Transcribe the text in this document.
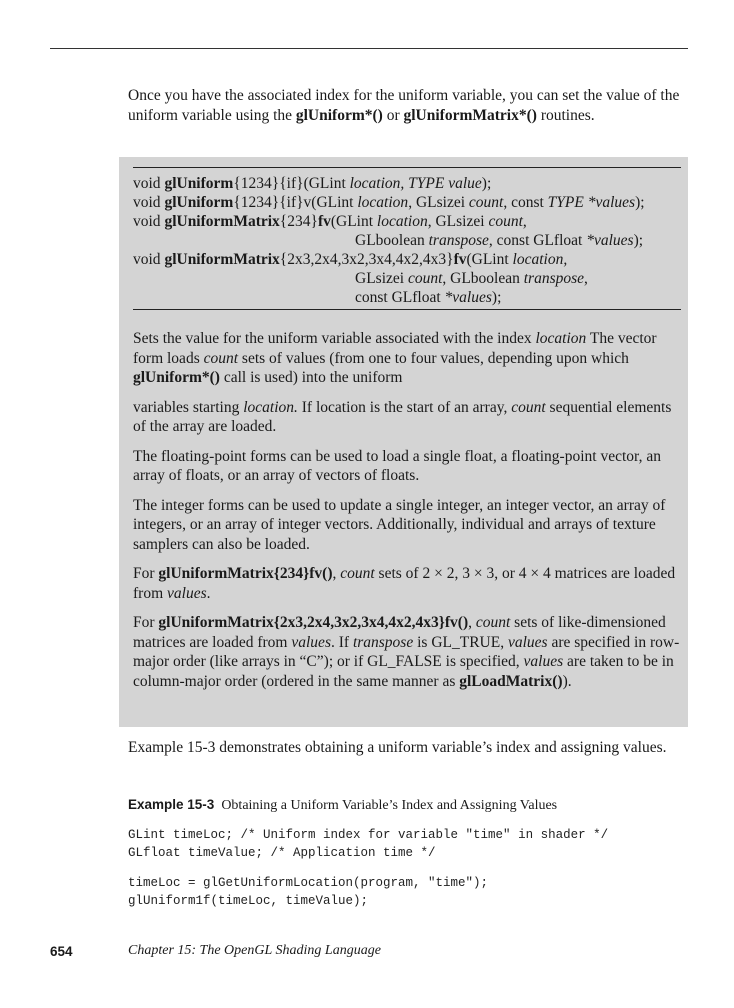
Once you have the associated index for the uniform variable, you can set the value of the uniform variable using the glUniform*() or glUniformMatrix*() routines.

void glUniform{1234}{if}(GLint location, TYPE value);
void glUniform{1234}{if}v(GLint location, GLsizei count, const TYPE *values);
void glUniformMatrix{234}fv(GLint location, GLsizei count,
GLboolean transpose, const GLfloat *values);
void glUniformMatrix{2x3,2x4,3x2,3x4,4x2,4x3}fv(GLint location,
GLsizei count, GLboolean transpose,
const GLfloat *values);

Sets the value for the uniform variable associated with the index location The vector form loads count sets of values (from one to four values, depending upon which glUniform*() call is used) into the uniform

variables starting location. If location is the start of an array, count sequential elements of the array are loaded.

The floating-point forms can be used to load a single float, a floating-point vector, an array of floats, or an array of vectors of floats.

The integer forms can be used to update a single integer, an integer vector, an array of integers, or an array of integer vectors. Additionally, individual and arrays of texture samplers can also be loaded.

For glUniformMatrix{234}fv(), count sets of 2 × 2, 3 × 3, or 4 × 4 matrices are loaded from values.

For glUniformMatrix{2x3,2x4,3x2,3x4,4x2,4x3}fv(), count sets of like-dimensioned matrices are loaded from values. If transpose is GL_TRUE, values are specified in row-major order (like arrays in “C”); or if GL_FALSE is specified, values are taken to be in column-major order (ordered in the same manner as glLoadMatrix()).

Example 15-3 demonstrates obtaining a uniform variable’s index and assigning values.

Example 15-3 Obtaining a Uniform Variable’s Index and Assigning Values
GLint timeLoc; /* Uniform index for variable "time" in shader */
GLfloat timeValue; /* Application time */
timeLoc = glGetUniformLocation(program, "time");
glUniform1f(timeLoc, timeValue);
654	Chapter 15: The OpenGL Shading Language
